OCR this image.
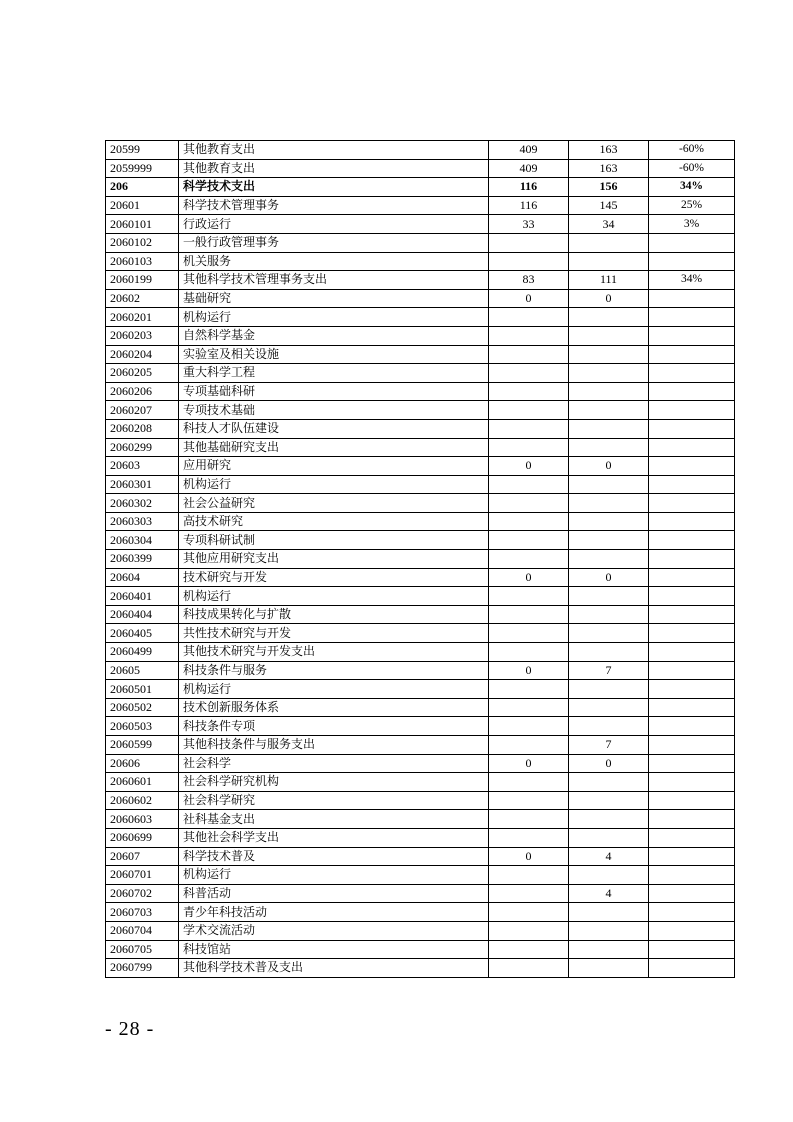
20599	其他教育支出	409	163	-60%
2059999	其他教育支出	409	163	-60%
206	科学技术支出	116	156	34%
20601	科学技术管理事务	116	145	25%
2060101	行政运行	33	34	3%
2060102	一般行政管理事务			
2060103	机关服务			
2060199	其他科学技术管理事务支出	83	111	34%
20602	基础研究	0	0	
2060201	机构运行			
2060203	自然科学基金			
2060204	实验室及相关设施			
2060205	重大科学工程			
2060206	专项基础科研			
2060207	专项技术基础			
2060208	科技人才队伍建设			
2060299	其他基础研究支出			
20603	应用研究	0	0	
2060301	机构运行			
2060302	社会公益研究			
2060303	高技术研究			
2060304	专项科研试制			
2060399	其他应用研究支出			
20604	技术研究与开发	0	0	
2060401	机构运行			
2060404	科技成果转化与扩散			
2060405	共性技术研究与开发			
2060499	其他技术研究与开发支出			
20605	科技条件与服务	0	7	
2060501	机构运行			
2060502	技术创新服务体系			
2060503	科技条件专项			
2060599	其他科技条件与服务支出		7	
20606	社会科学	0	0	
2060601	社会科学研究机构			
2060602	社会科学研究			
2060603	社科基金支出			
2060699	其他社会科学支出			
20607	科学技术普及	0	4	
2060701	机构运行			
2060702	科普活动		4	
2060703	青少年科技活动			
2060704	学术交流活动			
2060705	科技馆站			
2060799	其他科学技术普及支出			
- 28 -
